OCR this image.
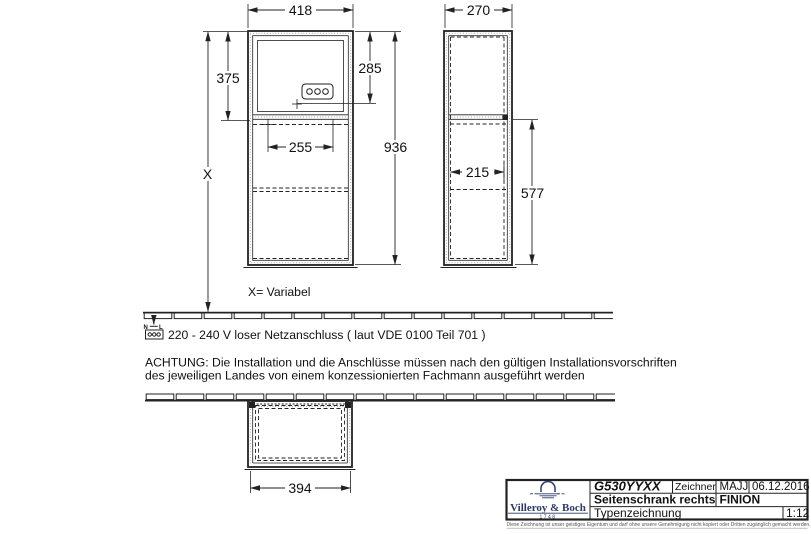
418	270
375
285
936
X
255
215
577
394
X= Variabel
N L 220 - 240 V loser Netzanschluss ( laut VDE 0100 Teil 701 )
ACHTUNG: Die Installation und die Anschlüsse müssen nach den gültigen Installationsvorschriften
des jeweiligen Landes von einem konzessionierten Fachmann ausgeführt werden
G530YYXX Zeichner MAJJ 06.12.2016
Seitenschrank rechts FINION
Typenzeichnung	1:12
Villeroy & Boch
1748
Diese Zeichnung ist unser geistiges Eigentum und darf ohne unsere Genehmigung nicht kopiert oder Dritten zugänglich gemacht werden.
